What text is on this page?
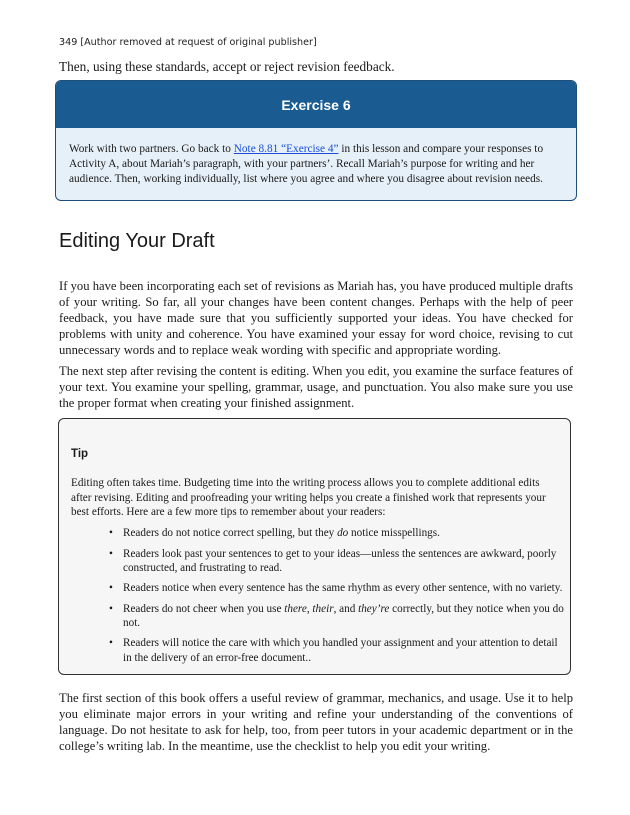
349 [Author removed at request of original publisher]

Then, using these standards, accept or reject revision feedback.

Exercise 6
Work with two partners. Go back to Note 8.81 “Exercise 4” in this lesson and compare your responses to Activity A, about Mariah’s paragraph, with your partners’. Recall Mariah’s purpose for writing and her audience. Then, working individually, list where you agree and where you disagree about revision needs.
Editing Your Draft

If you have been incorporating each set of revisions as Mariah has, you have produced multiple drafts of your writing. So far, all your changes have been content changes. Perhaps with the help of peer feedback, you have made sure that you sufficiently supported your ideas. You have checked for problems with unity and coherence. You have examined your essay for word choice, revising to cut unnecessary words and to replace weak wording with specific and appropriate wording.

The next step after revising the content is editing. When you edit, you examine the surface features of your text. You examine your spelling, grammar, usage, and punctuation. You also make sure you use the proper format when creating your finished assignment.

Tip

Editing often takes time. Budgeting time into the writing process allows you to complete additional edits after revising. Editing and proofreading your writing helps you create a finished work that represents your best efforts. Here are a few more tips to remember about your readers:

• Readers do not notice correct spelling, but they do notice misspellings.
• Readers look past your sentences to get to your ideas—unless the sentences are awkward, poorly constructed, and frustrating to read.
• Readers notice when every sentence has the same rhythm as every other sentence, with no variety.
• Readers do not cheer when you use there, their, and they’re correctly, but they notice when you do not.
• Readers will notice the care with which you handled your assignment and your attention to detail in the delivery of an error-free document..

The first section of this book offers a useful review of grammar, mechanics, and usage. Use it to help you eliminate major errors in your writing and refine your understanding of the conventions of language. Do not hesitate to ask for help, too, from peer tutors in your academic department or in the college’s writing lab. In the meantime, use the checklist to help you edit your writing.
